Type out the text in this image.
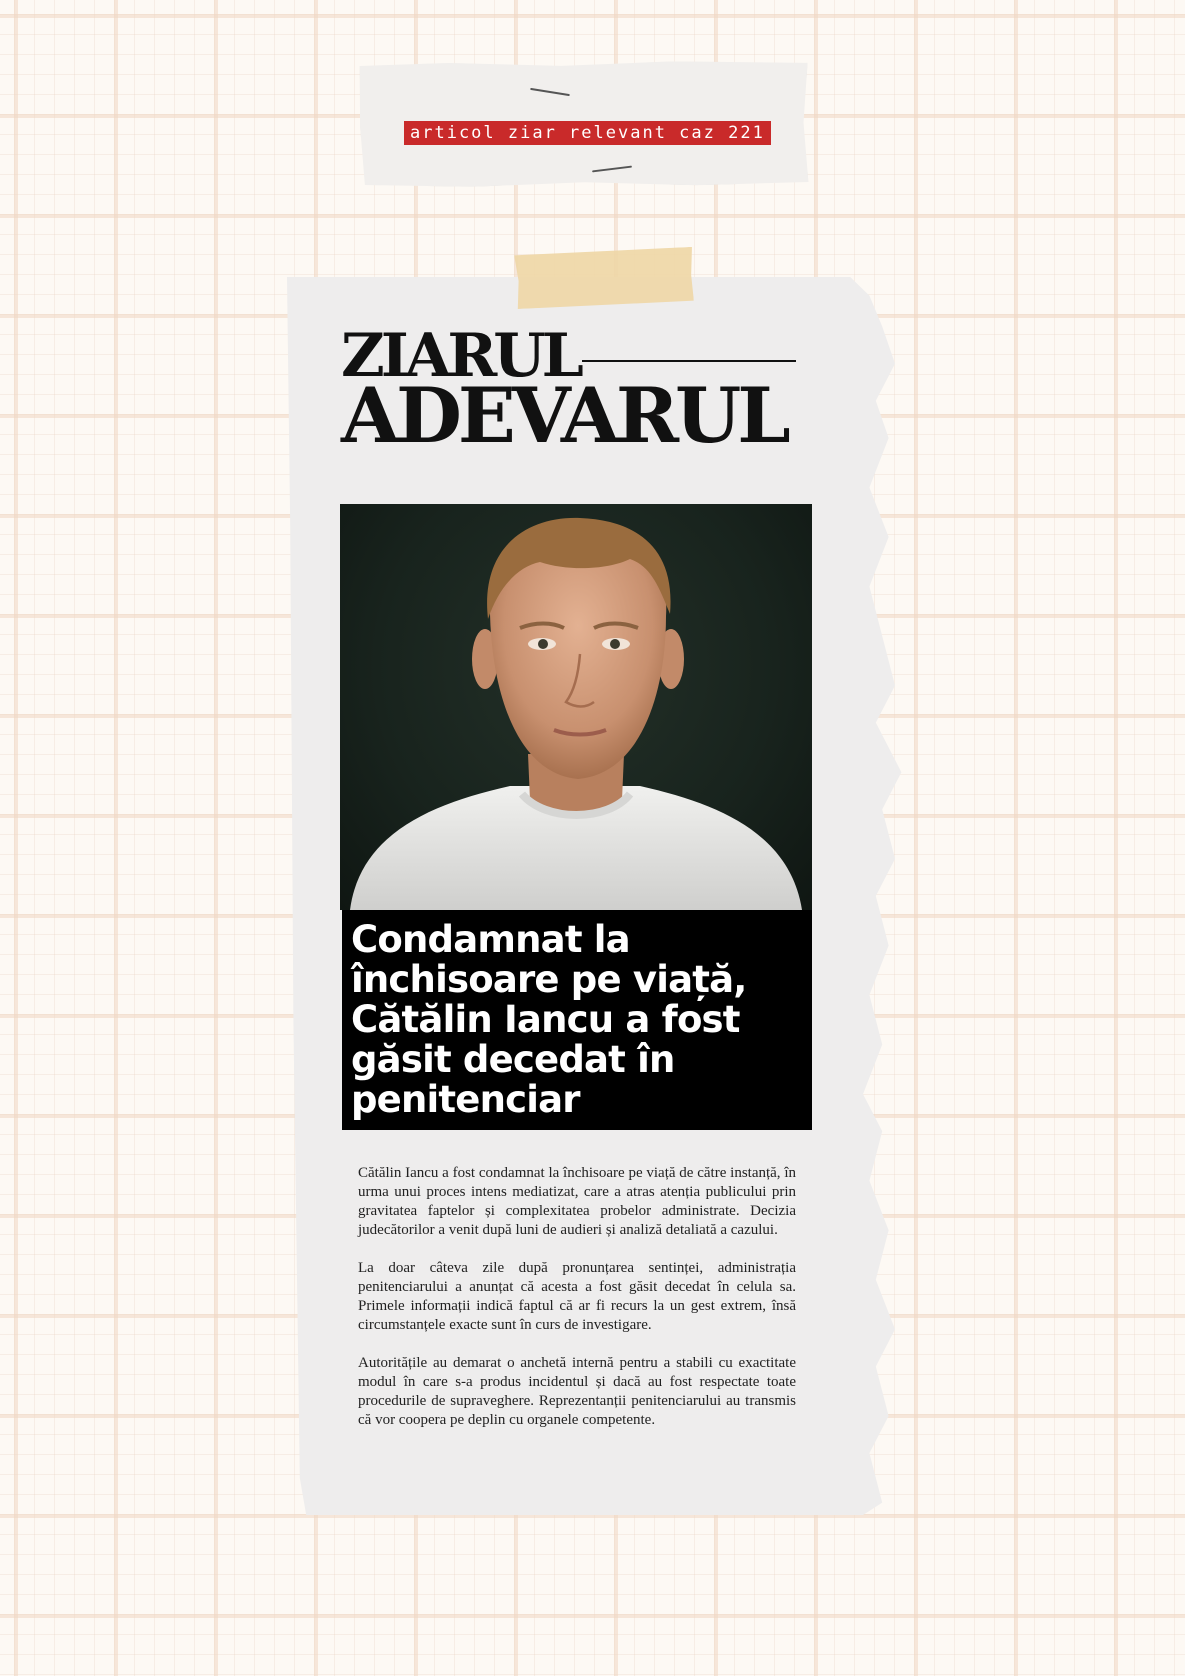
articol ziar relevant caz 221
ZIARUL
ADEVARUL
Condamnat la închisoare pe viață, Cătălin Iancu a fost găsit decedat în penitenciar

Cătălin Iancu a fost condamnat la închisoare pe viață de către instanță, în urma unui proces intens mediatizat, care a atras atenția publicului prin gravitatea faptelor și complexitatea probelor administrate. Decizia judecătorilor a venit după luni de audieri și analiză detaliată a cazului.

La doar câteva zile după pronunțarea sentinței, administrația penitenciarului a anunțat că acesta a fost găsit decedat în celula sa. Primele informații indică faptul că ar fi recurs la un gest extrem, însă circumstanțele exacte sunt în curs de investigare.

Autoritățile au demarat o anchetă internă pentru a stabili cu exactitate modul în care s-a produs incidentul și dacă au fost respectate toate procedurile de supraveghere. Reprezentanții penitenciarului au transmis că vor coopera pe deplin cu organele competente.
